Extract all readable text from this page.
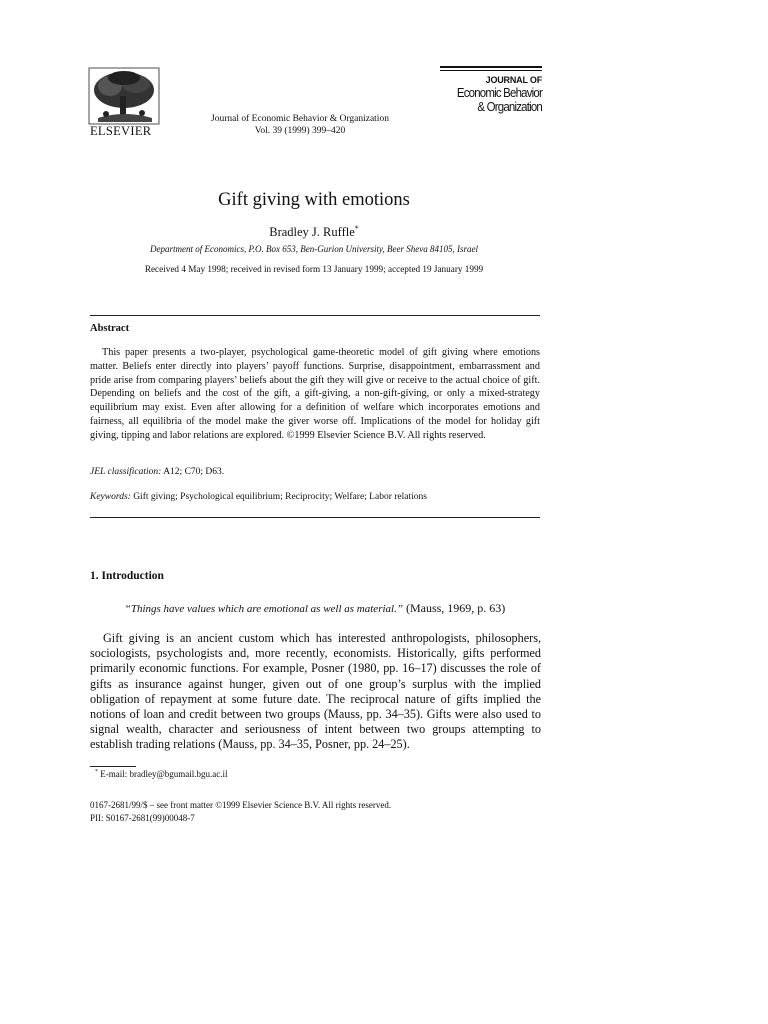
ELSEVIER
Journal of Economic Behavior & Organization
Vol. 39 (1999) 399–420
JOURNAL OF
Economic Behavior
& Organization
Gift giving with emotions
Bradley J. Ruffle*
Department of Economics, P.O. Box 653, Ben-Gurion University, Beer Sheva 84105, Israel
Received 4 May 1998; received in revised form 13 January 1999; accepted 19 January 1999
Abstract
This paper presents a two-player, psychological game-theoretic model of gift giving where emotions matter. Beliefs enter directly into players’ payoff functions. Surprise, disappointment, embarrassment and pride arise from comparing players’ beliefs about the gift they will give or receive to the actual choice of gift. Depending on beliefs and the cost of the gift, a gift-giving, a non-gift-giving, or only a mixed-strategy equilibrium may exist. Even after allowing for a definition of welfare which incorporates emotions and fairness, all equilibria of the model make the giver worse off. Implications of the model for holiday gift giving, tipping and labor relations are explored. ©1999 Elsevier Science B.V. All rights reserved.
JEL classification: A12; C70; D63.
Keywords: Gift giving; Psychological equilibrium; Reciprocity; Welfare; Labor relations
1. Introduction
“Things have values which are emotional as well as material.” (Mauss, 1969, p. 63)
Gift giving is an ancient custom which has interested anthropologists, philosophers, sociologists, psychologists and, more recently, economists. Historically, gifts performed primarily economic functions. For example, Posner (1980, pp. 16–17) discusses the role of gifts as insurance against hunger, given out of one group’s surplus with the implied obligation of repayment at some future date. The reciprocal nature of gifts implied the notions of loan and credit between two groups (Mauss, pp. 34–35). Gifts were also used to signal wealth, character and seriousness of intent between two groups attempting to establish trading relations (Mauss, pp. 34–35, Posner, pp. 24–25).
* E-mail: bradley@bgumail.bgu.ac.il
0167-2681/99/$ – see front matter ©1999 Elsevier Science B.V. All rights reserved.
PII: S0167-2681(99)00048-7
